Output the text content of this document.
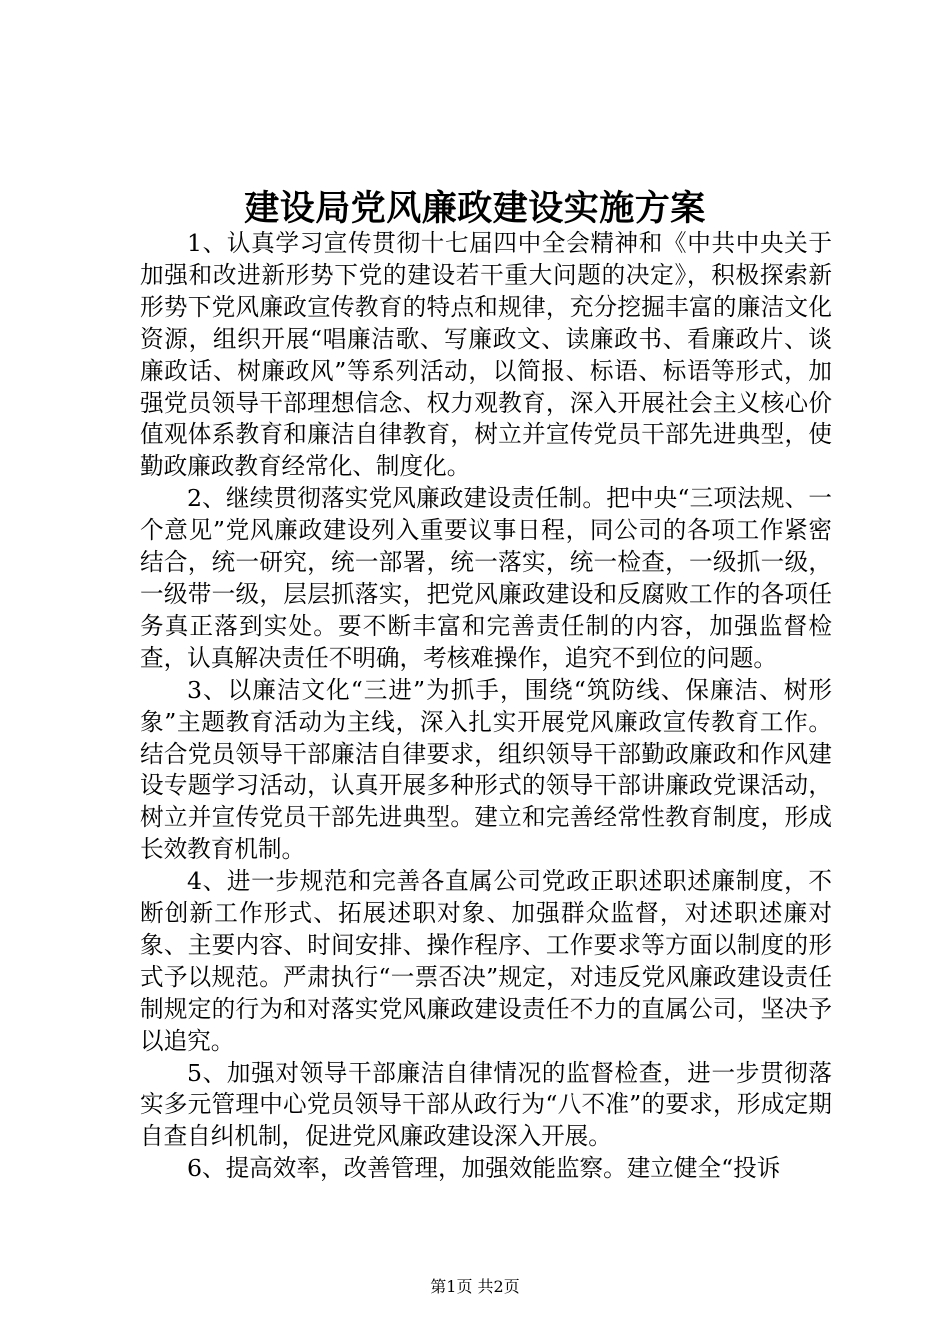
建设局党风廉政建设实施方案

1、认真学习宣传贯彻十七届四中全会精神和《中共中央关于加强和改进新形势下党的建设若干重大问题的决定》，积极探索新形势下党风廉政宣传教育的特点和规律，充分挖掘丰富的廉洁文化资源，组织开展“唱廉洁歌、写廉政文、读廉政书、看廉政片、谈廉政话、树廉政风”等系列活动，以简报、标语、标语等形式，加强党员领导干部理想信念、权力观教育，深入开展社会主义核心价值观体系教育和廉洁自律教育，树立并宣传党员干部先进典型，使勤政廉政教育经常化、制度化。

2、继续贯彻落实党风廉政建设责任制。把中央“三项法规、一个意见”党风廉政建设列入重要议事日程，同公司的各项工作紧密结合，统一研究，统一部署，统一落实，统一检查，一级抓一级，一级带一级，层层抓落实，把党风廉政建设和反腐败工作的各项任务真正落到实处。要不断丰富和完善责任制的内容，加强监督检查，认真解决责任不明确，考核难操作，追究不到位的问题。

3、以廉洁文化“三进”为抓手，围绕“筑防线、保廉洁、树形象”主题教育活动为主线，深入扎实开展党风廉政宣传教育工作。结合党员领导干部廉洁自律要求，组织领导干部勤政廉政和作风建设专题学习活动，认真开展多种形式的领导干部讲廉政党课活动，树立并宣传党员干部先进典型。建立和完善经常性教育制度，形成长效教育机制。

4、进一步规范和完善各直属公司党政正职述职述廉制度，不断创新工作形式、拓展述职对象、加强群众监督，对述职述廉对象、主要内容、时间安排、操作程序、工作要求等方面以制度的形式予以规范。严肃执行“一票否决”规定，对违反党风廉政建设责任制规定的行为和对落实党风廉政建设责任不力的直属公司，坚决予以追究。

5、加强对领导干部廉洁自律情况的监督检查，进一步贯彻落实多元管理中心党员领导干部从政行为“八不准”的要求，形成定期自查自纠机制，促进党风廉政建设深入开展。

6、提高效率，改善管理，加强效能监察。建立健全“投诉

第1页 共2页
